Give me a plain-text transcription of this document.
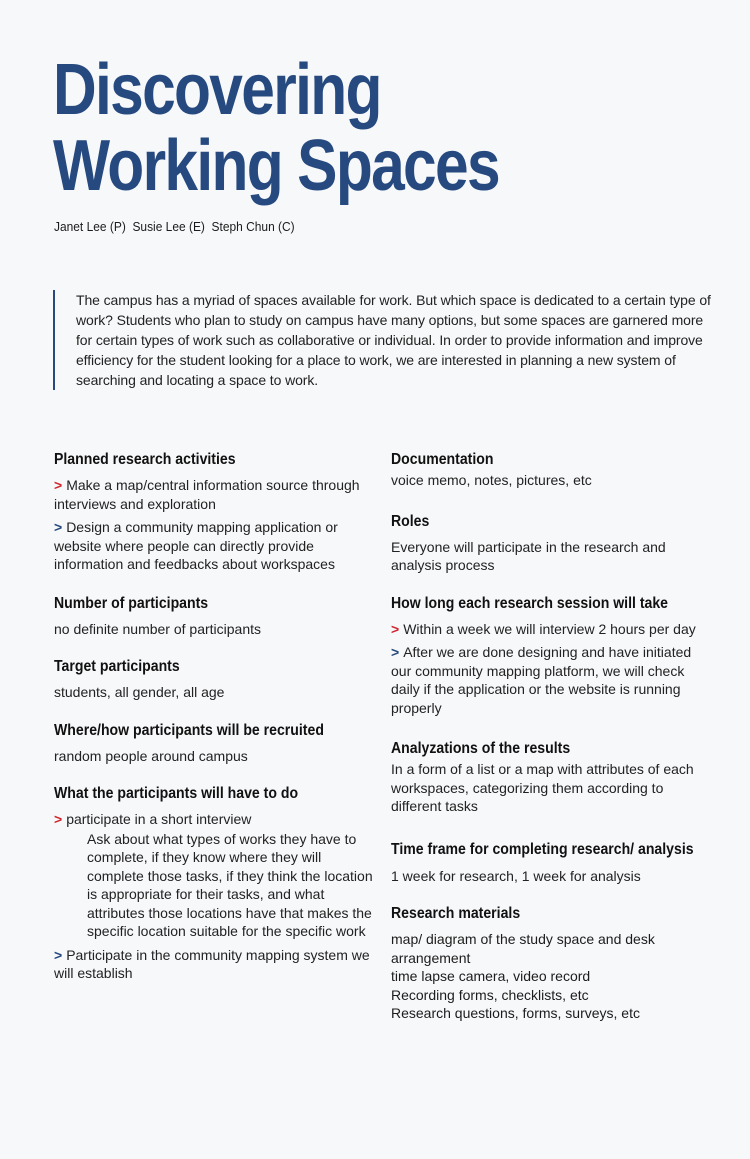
Discovering
Working Spaces
Janet Lee (P)  Susie Lee (E)  Steph Chun (C)
The campus has a myriad of spaces available for work. But which space is dedicated to a certain type of work? Students who plan to study on campus have many options, but some spaces are garnered more for certain types of work such as collaborative or individual. In order to provide information and improve efficiency for the student looking for a place to work, we are interested in planning a new system of searching and locating a space to work.
Planned research activities
> Make a map/central information source through interviews and exploration
> Design a community mapping application or website where people can directly provide information and feedbacks about workspaces
Number of participants
no definite number of participants
Target participants
students, all gender, all age
Where/how participants will be recruited
random people around campus
What the participants will have to do
> participate in a short interview
Ask about what types of works they have to complete, if they know where they will complete those tasks, if they think the location is appropriate for their tasks, and what attributes those locations have that makes the specific location suitable for the specific work
> Participate in the community mapping system we will establish
Documentation
voice memo, notes, pictures, etc
Roles
Everyone will participate in the research and analysis process
How long each research session will take
> Within a week we will interview 2 hours per day
> After we are done designing and have initiated our community mapping platform, we will check daily if the application or the website is running properly
Analyzations of the results
In a form of a list or a map with attributes of each workspaces, categorizing them according to different tasks
Time frame for completing research/ analysis
1 week for research, 1 week for analysis
Research materials
map/ diagram of the study space and desk arrangement
time lapse camera, video record
Recording forms, checklists, etc
Research questions, forms, surveys, etc
